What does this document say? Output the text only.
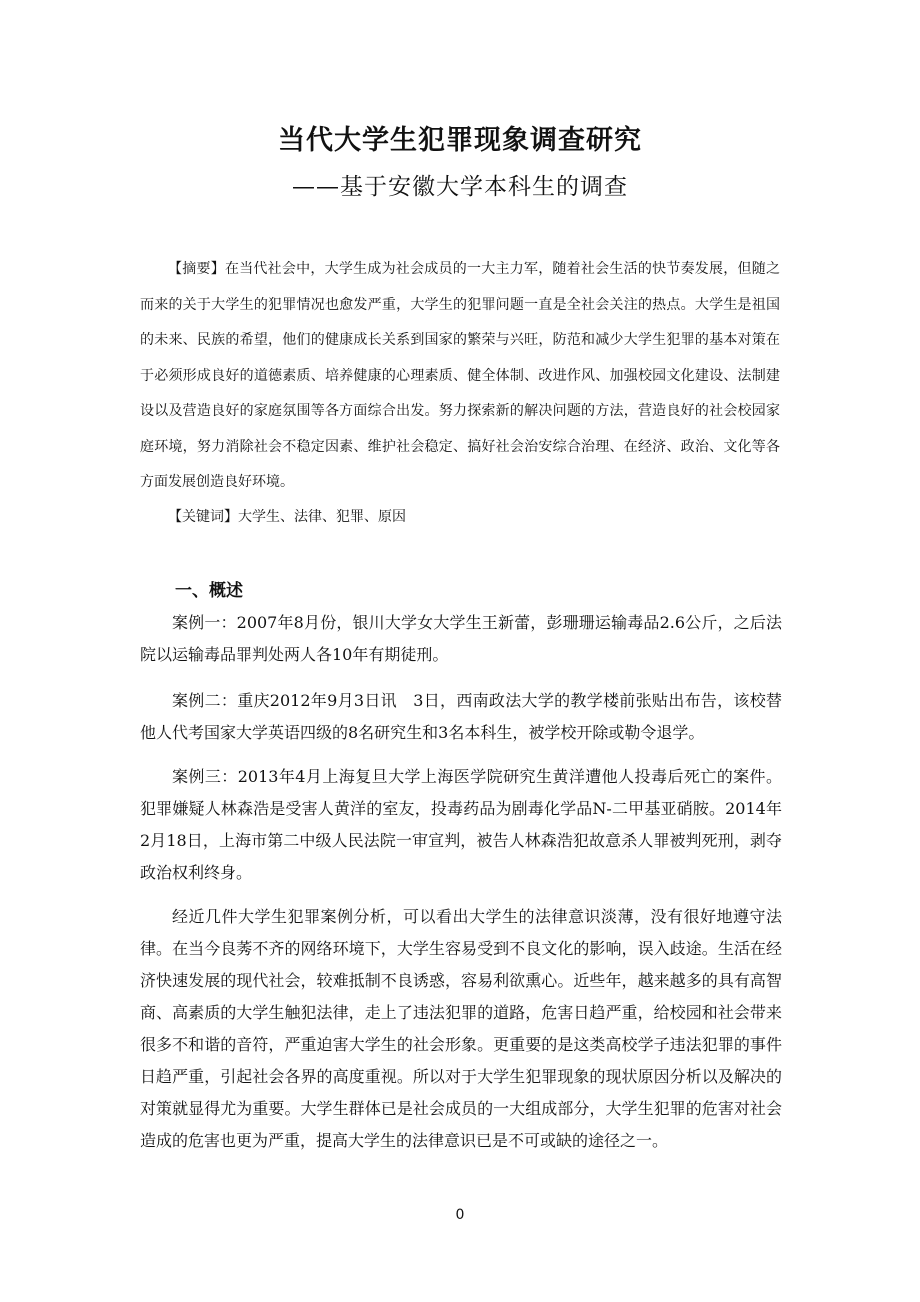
当代大学生犯罪现象调查研究
——基于安徽大学本科生的调查

【摘要】在当代社会中，大学生成为社会成员的一大主力军，随着社会生活的快节奏发展，但随之而来的关于大学生的犯罪情况也愈发严重，大学生的犯罪问题一直是全社会关注的热点。大学生是祖国的未来、民族的希望，他们的健康成长关系到国家的繁荣与兴旺，防范和减少大学生犯罪的基本对策在于必须形成良好的道德素质、培养健康的心理素质、健全体制、改进作风、加强校园文化建设、法制建设以及营造良好的家庭氛围等各方面综合出发。努力探索新的解决问题的方法，营造良好的社会校园家庭环境，努力消除社会不稳定因素、维护社会稳定、搞好社会治安综合治理、在经济、政治、文化等各方面发展创造良好环境。

【关键词】大学生、法律、犯罪、原因

一、概述

案例一：2007年8月份，银川大学女大学生王新蕾，彭珊珊运输毒品2.6公斤，之后法院以运输毒品罪判处两人各10年有期徒刑。

案例二：重庆2012年9月3日讯　3日，西南政法大学的教学楼前张贴出布告，该校替他人代考国家大学英语四级的8名研究生和3名本科生，被学校开除或勒令退学。

案例三：2013年4月上海复旦大学上海医学院研究生黄洋遭他人投毒后死亡的案件。犯罪嫌疑人林森浩是受害人黄洋的室友，投毒药品为剧毒化学品N-二甲基亚硝胺。2014年2月18日，上海市第二中级人民法院一审宣判，被告人林森浩犯故意杀人罪被判死刑，剥夺政治权利终身。

经近几件大学生犯罪案例分析，可以看出大学生的法律意识淡薄，没有很好地遵守法律。在当今良莠不齐的网络环境下，大学生容易受到不良文化的影响，误入歧途。生活在经济快速发展的现代社会，较难抵制不良诱惑，容易利欲熏心。近些年，越来越多的具有高智商、高素质的大学生触犯法律，走上了违法犯罪的道路，危害日趋严重，给校园和社会带来很多不和谐的音符，严重迫害大学生的社会形象。更重要的是这类高校学子违法犯罪的事件日趋严重，引起社会各界的高度重视。所以对于大学生犯罪现象的现状原因分析以及解决的对策就显得尤为重要。大学生群体已是社会成员的一大组成部分，大学生犯罪的危害对社会造成的危害也更为严重，提高大学生的法律意识已是不可或缺的途径之一。

0
